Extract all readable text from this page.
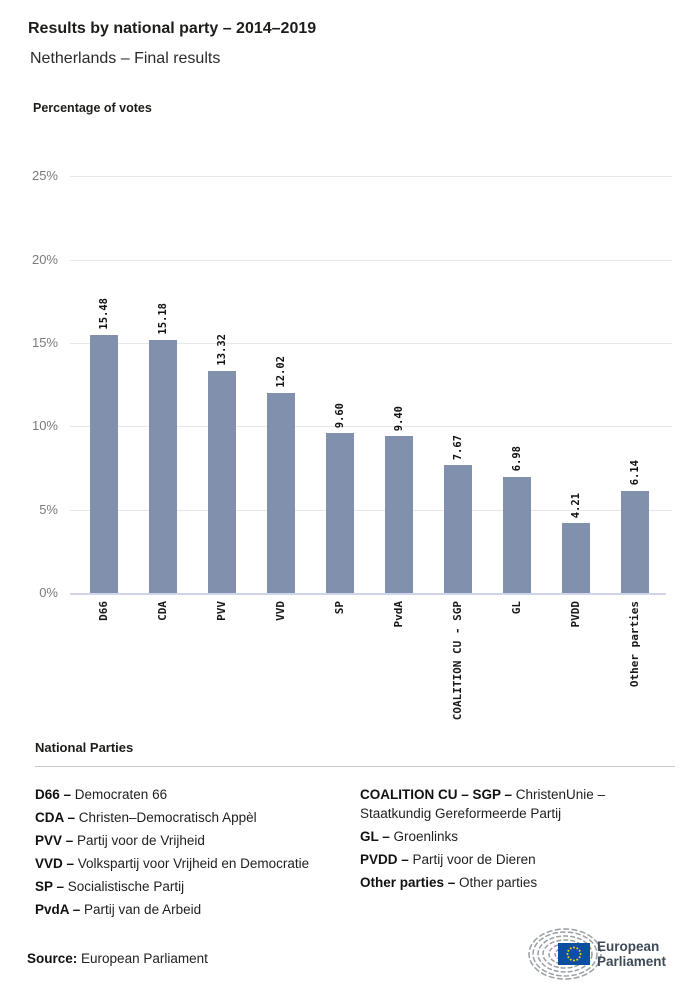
Results by national party – 2014–2019
Netherlands – Final results
Percentage of votes
0%
5%
10%
15%
20%
25%
15.48
D66
15.18
CDA
13.32
PVV
12.02
VVD
9.60
SP
9.40
PvdA
7.67
COALITION CU - SGP
6.98
GL
4.21
PVDD
6.14
Other parties
National Parties
D66 – Democraten 66
CDA – Christen–Democratisch Appèl
PVV – Partij voor de Vrijheid
VVD – Volkspartij voor Vrijheid en Democratie
SP – Socialistische Partij
PvdA – Partij van de Arbeid
COALITION CU – SGP – ChristenUnie – Staatkundig Gereformeerde Partij
GL – Groenlinks
PVDD – Partij voor de Dieren
Other parties – Other parties
Source: European Parliament
European Parliament
